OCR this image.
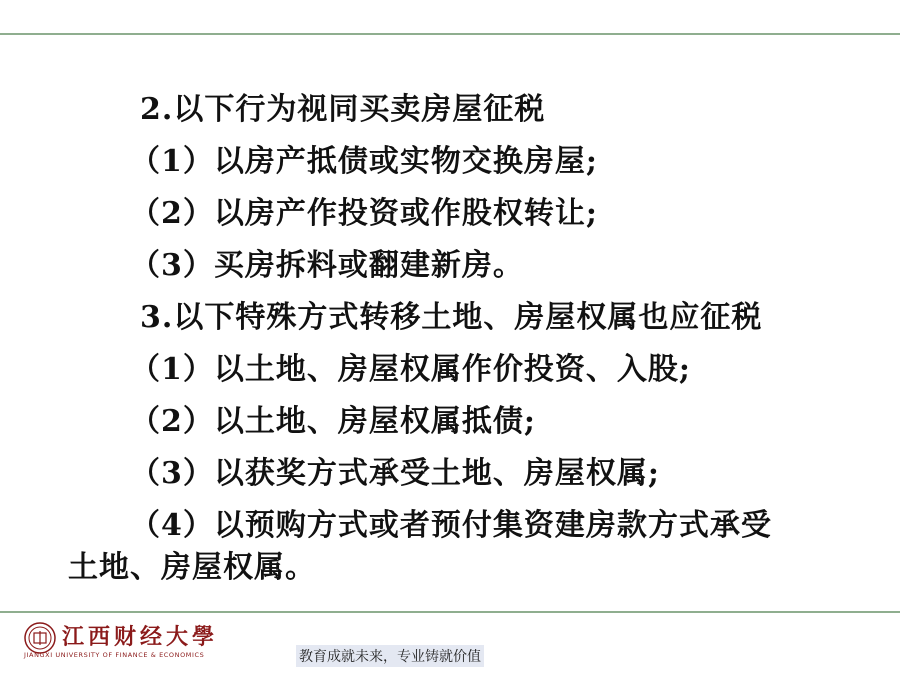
2.以下行为视同买卖房屋征税
（1）以房产抵债或实物交换房屋;
（2）以房产作投资或作股权转让;
（3）买房拆料或翻建新房。
3.以下特殊方式转移土地、房屋权属也应征税
（1）以土地、房屋权属作价投资、入股;
（2）以土地、房屋权属抵债;
（3）以获奖方式承受土地、房屋权属;
（4）以预购方式或者预付集资建房款方式承受
土地、房屋权属。
江西财经大學
JIANGXI UNIVERSITY OF FINANCE & ECONOMICS	教育成就未来，专业铸就价值
